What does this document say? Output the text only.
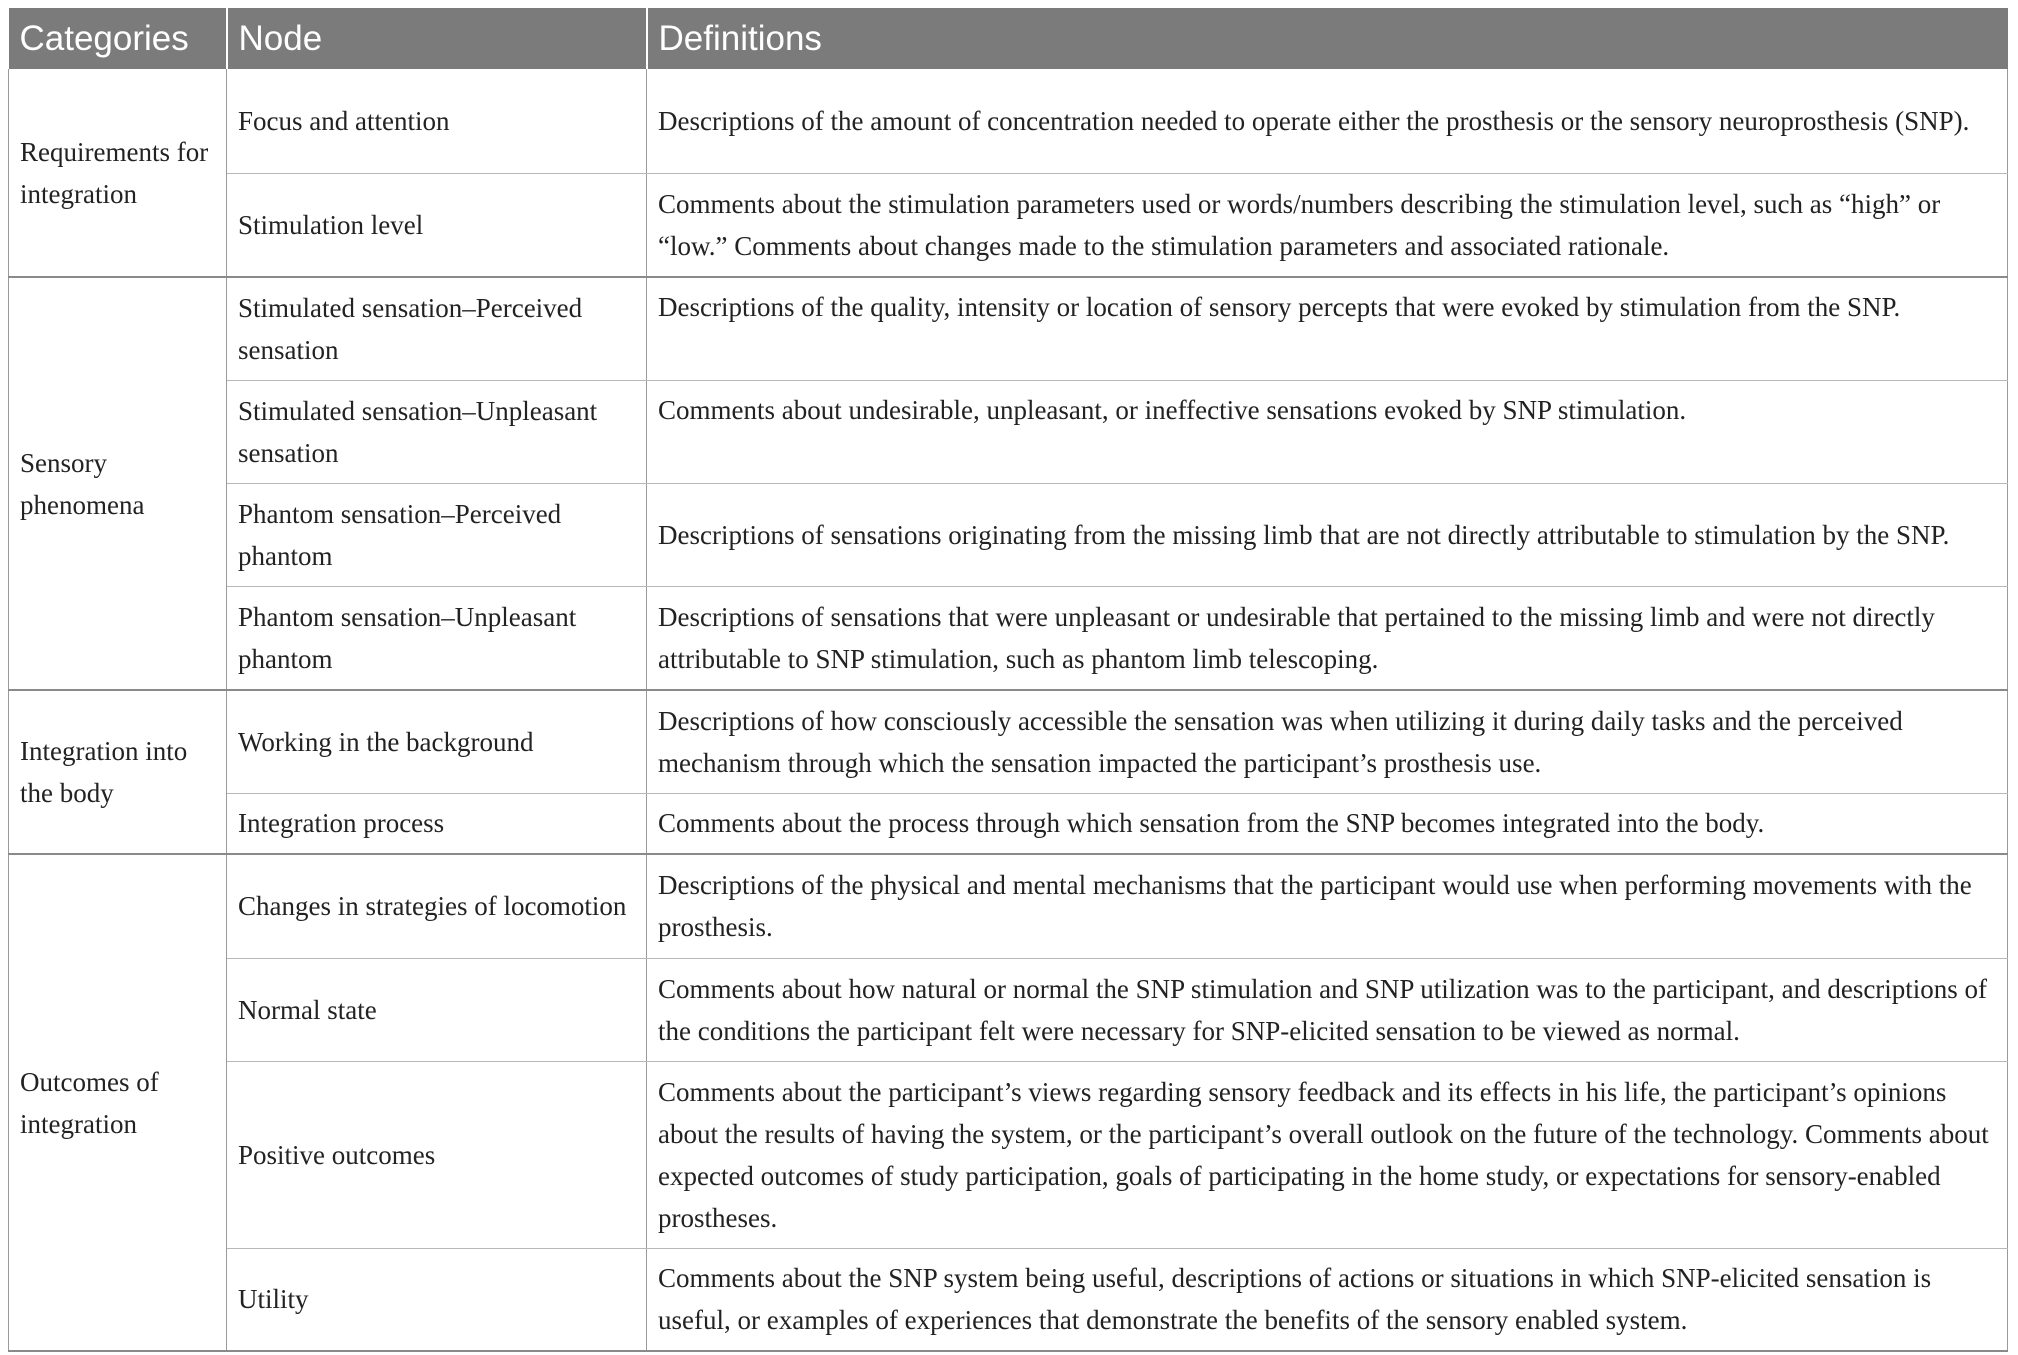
Categories	Node	Definitions
Requirements for integration	Focus and attention	Descriptions of the amount of concentration needed to operate either the prosthesis or the sensory neuroprosthesis (SNP).
	Stimulation level	Comments about the stimulation parameters used or words/numbers describing the stimulation level, such as “high” or “low.” Comments about changes made to the stimulation parameters and associated rationale.
Sensory phenomena	Stimulated sensation–Perceived sensation	Descriptions of the quality, intensity or location of sensory percepts that were evoked by stimulation from the SNP.
	Stimulated sensation–Unpleasant sensation	Comments about undesirable, unpleasant, or ineffective sensations evoked by SNP stimulation.
	Phantom sensation–Perceived phantom	Descriptions of sensations originating from the missing limb that are not directly attributable to stimulation by the SNP.
	Phantom sensation–Unpleasant phantom	Descriptions of sensations that were unpleasant or undesirable that pertained to the missing limb and were not directly attributable to SNP stimulation, such as phantom limb telescoping.
Integration into the body	Working in the background	Descriptions of how consciously accessible the sensation was when utilizing it during daily tasks and the perceived mechanism through which the sensation impacted the participant’s prosthesis use.
	Integration process	Comments about the process through which sensation from the SNP becomes integrated into the body.
Outcomes of integration	Changes in strategies of locomotion	Descriptions of the physical and mental mechanisms that the participant would use when performing movements with the prosthesis.
	Normal state	Comments about how natural or normal the SNP stimulation and SNP utilization was to the participant, and descriptions of the conditions the participant felt were necessary for SNP-elicited sensation to be viewed as normal.
	Positive outcomes	Comments about the participant’s views regarding sensory feedback and its effects in his life, the participant’s opinions about the results of having the system, or the participant’s overall outlook on the future of the technology. Comments about expected outcomes of study participation, goals of participating in the home study, or expectations for sensory-enabled prostheses.
	Utility	Comments about the SNP system being useful, descriptions of actions or situations in which SNP-elicited sensation is useful, or examples of experiences that demonstrate the benefits of the sensory enabled system.
